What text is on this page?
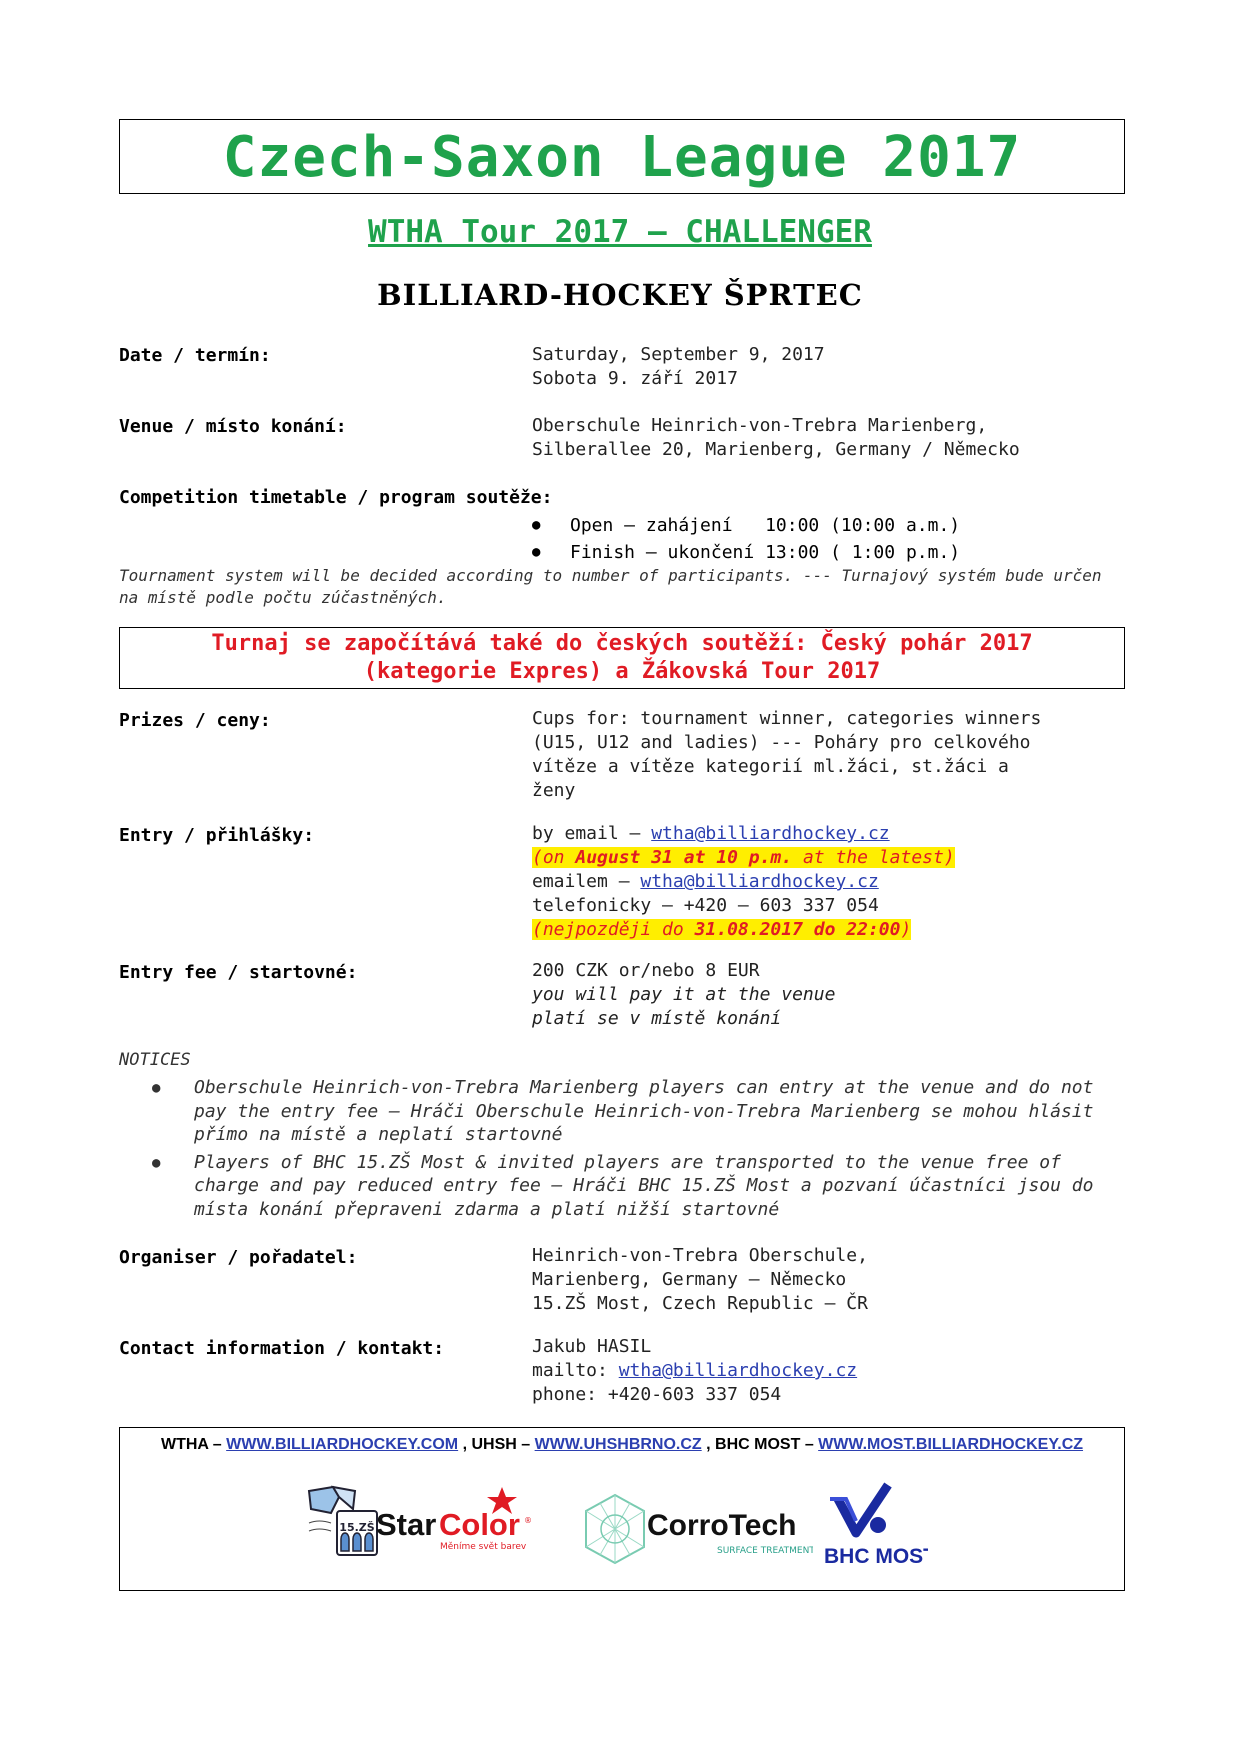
Czech-Saxon League 2017
WTHA Tour 2017 – CHALLENGER
BILLIARD-HOCKEY ŠPRTEC
Date / termín:	Saturday, September 9, 2017
Sobota 9. září 2017
Venue / místo konání:	Oberschule Heinrich-von-Trebra Marienberg,
Silberallee 20, Marienberg, Germany / Německo
Competition timetable / program soutěže:
●	Open – zahájení   10:00 (10:00 a.m.)
●	Finish – ukončení 13:00 ( 1:00 p.m.)
Tournament system will be decided according to number of participants. --- Turnajový systém bude určen na místě podle počtu zúčastněných.
Turnaj se započítává také do českých soutěží: Český pohár 2017
(kategorie Expres) a Žákovská Tour 2017
Prizes / ceny:	Cups for: tournament winner, categories winners
(U15, U12 and ladies) --- Poháry pro celkového
vítěze a vítěze kategorií ml.žáci, st.žáci a
ženy
Entry / přihlášky:	by email – wtha@billiardhockey.cz
(on August 31 at 10 p.m. at the latest)
emailem – wtha@billiardhockey.cz
telefonicky – +420 – 603 337 054
(nejpozději do 31.08.2017 do 22:00)
Entry fee / startovné:	200 CZK or/nebo 8 EUR
you will pay it at the venue
platí se v místě konání
NOTICES
●	Oberschule Heinrich-von-Trebra Marienberg players can entry at the venue and do not pay the entry fee – Hráči Oberschule Heinrich-von-Trebra Marienberg se mohou hlásit přímo na místě a neplatí startovné
●	Players of BHC 15.ZŠ Most & invited players are transported to the venue free of charge and pay reduced entry fee – Hráči BHC 15.ZŠ Most a pozvaní účastníci jsou do místa konání přepraveni zdarma a platí nižší startovné
Organiser / pořadatel:	Heinrich-von-Trebra Oberschule,
Marienberg, Germany – Německo
15.ZŠ Most, Czech Republic – ČR
Contact information / kontakt:	Jakub HASIL
mailto: wtha@billiardhockey.cz
phone: +420-603 337 054
WTHA – WWW.BILLIARDHOCKEY.COM , UHSH – WWW.UHSHBRNO.CZ , BHC MOST – WWW.MOST.BILLIARDHOCKEY.CZ
15.ZŠ Star Color ®
Měníme svět barev
CorroTech
SURFACE TREATMENT BHC MOST
